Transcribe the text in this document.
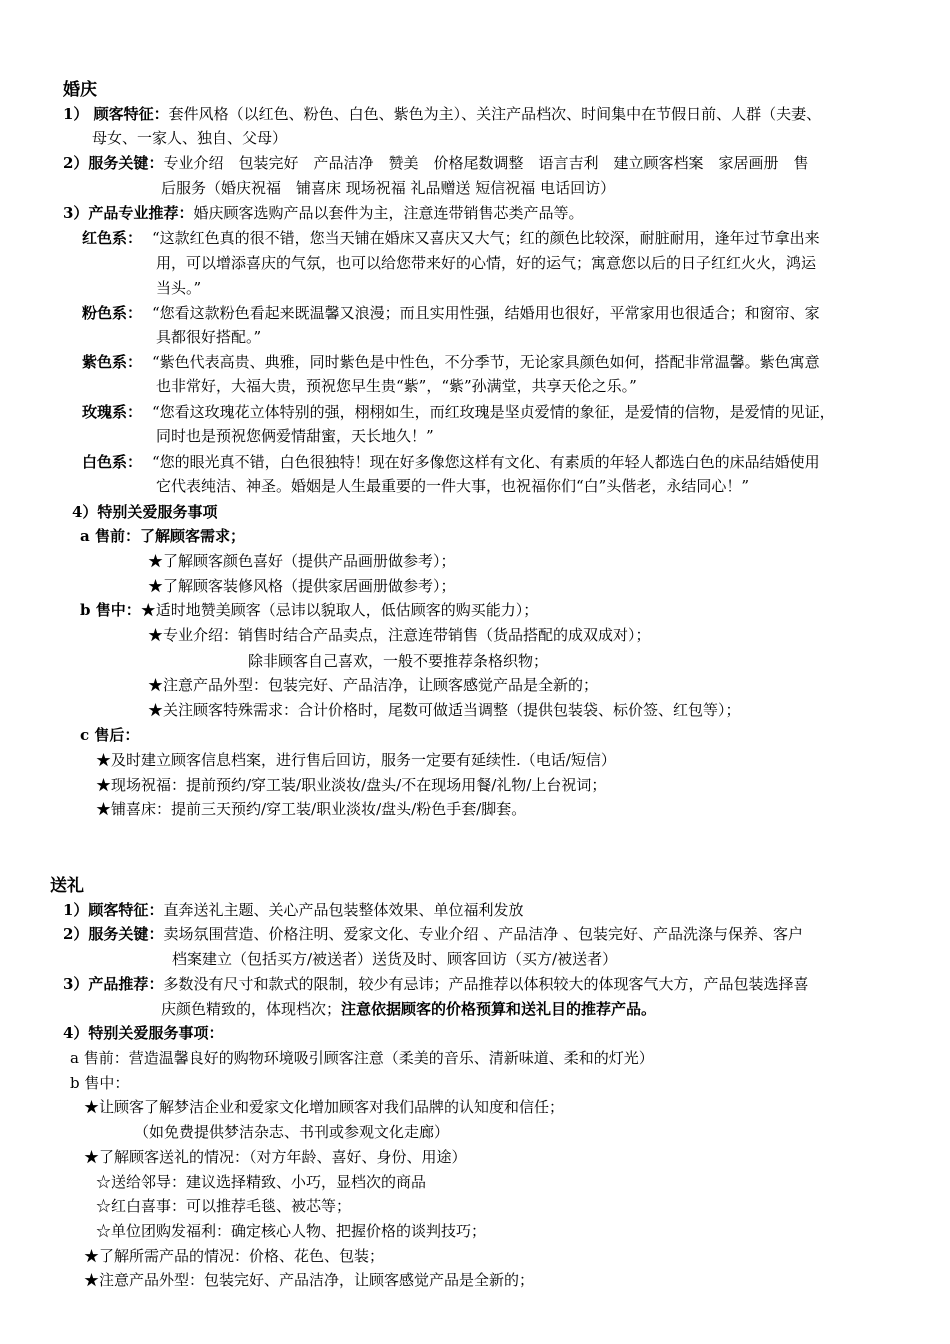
婚庆
1） 顾客特征：套件风格（以红色、粉色、白色、紫色为主）、关注产品档次、时间集中在节假日前、人群（夫妻、
母女、一家人、独自、父母）
2）服务关键：专业介绍　包装完好　产品洁净　赞美　价格尾数调整　语言吉利　建立顾客档案　家居画册　售
后服务（婚庆祝福　铺喜床 现场祝福 礼品赠送 短信祝福 电话回访）
3）产品专业推荐：婚庆顾客选购产品以套件为主，注意连带销售芯类产品等。
红色系： “这款红色真的很不错，您当天铺在婚床又喜庆又大气；红的颜色比较深，耐脏耐用，逢年过节拿出来
用，可以增添喜庆的气氛，也可以给您带来好的心情，好的运气；寓意您以后的日子红红火火，鸿运
当头。”
粉色系： “您看这款粉色看起来既温馨又浪漫；而且实用性强，结婚用也很好，平常家用也很适合；和窗帘、家
具都很好搭配。”
紫色系： “紫色代表高贵、典雅，同时紫色是中性色，不分季节，无论家具颜色如何，搭配非常温馨。紫色寓意
也非常好，大福大贵，预祝您早生贵“紫”，“紫”孙满堂，共享天伦之乐。”
玫瑰系： “您看这玫瑰花立体特别的强，栩栩如生，而红玫瑰是坚贞爱情的象征，是爱情的信物，是爱情的见证，
同时也是预祝您俩爱情甜蜜，天长地久！”
白色系： “您的眼光真不错，白色很独特！现在好多像您这样有文化、有素质的年轻人都选白色的床品结婚使用
它代表纯洁、神圣。婚姻是人生最重要的一件大事，也祝福你们“白”头偕老，永结同心！”
4）特别关爱服务事项
a 售前：了解顾客需求；
★了解顾客颜色喜好（提供产品画册做参考）；
★了解顾客装修风格（提供家居画册做参考）；
b 售中：★适时地赞美顾客（忌讳以貌取人，低估顾客的购买能力）；
★专业介绍：销售时结合产品卖点，注意连带销售（货品搭配的成双成对）；
除非顾客自己喜欢，一般不要推荐条格织物；
★注意产品外型：包装完好、产品洁净，让顾客感觉产品是全新的；
★关注顾客特殊需求：合计价格时，尾数可做适当调整（提供包装袋、标价签、红包等）；
c 售后：
★及时建立顾客信息档案，进行售后回访，服务一定要有延续性.（电话/短信）
★现场祝福：提前预约/穿工装/职业淡妆/盘头/不在现场用餐/礼物/上台祝词；
★铺喜床：提前三天预约/穿工装/职业淡妆/盘头/粉色手套/脚套。
送礼
1）顾客特征：直奔送礼主题、关心产品包装整体效果、单位福利发放
2）服务关键：卖场氛围营造、价格注明、爱家文化、专业介绍 、产品洁净 、包装完好、产品洗涤与保养、客户
档案建立（包括买方/被送者）送货及时、顾客回访（买方/被送者）
3）产品推荐：多数没有尺寸和款式的限制，较少有忌讳；产品推荐以体积较大的体现客气大方，产品包装选择喜
庆颜色精致的，体现档次；注意依据顾客的价格预算和送礼目的推荐产品。
4）特别关爱服务事项：
a 售前：营造温馨良好的购物环境吸引顾客注意（柔美的音乐、清新味道、柔和的灯光）
b 售中：
★让顾客了解梦洁企业和爱家文化增加顾客对我们品牌的认知度和信任；
（如免费提供梦洁杂志、书刊或参观文化走廊）
★了解顾客送礼的情况：（对方年龄、喜好、身份、用途）
☆送给邻导：建议选择精致、小巧，显档次的商品
☆红白喜事：可以推荐毛毯、被芯等；
☆单位团购发福利：确定核心人物、把握价格的谈判技巧；
★了解所需产品的情况：价格、花色、包装；
★注意产品外型：包装完好、产品洁净，让顾客感觉产品是全新的；
